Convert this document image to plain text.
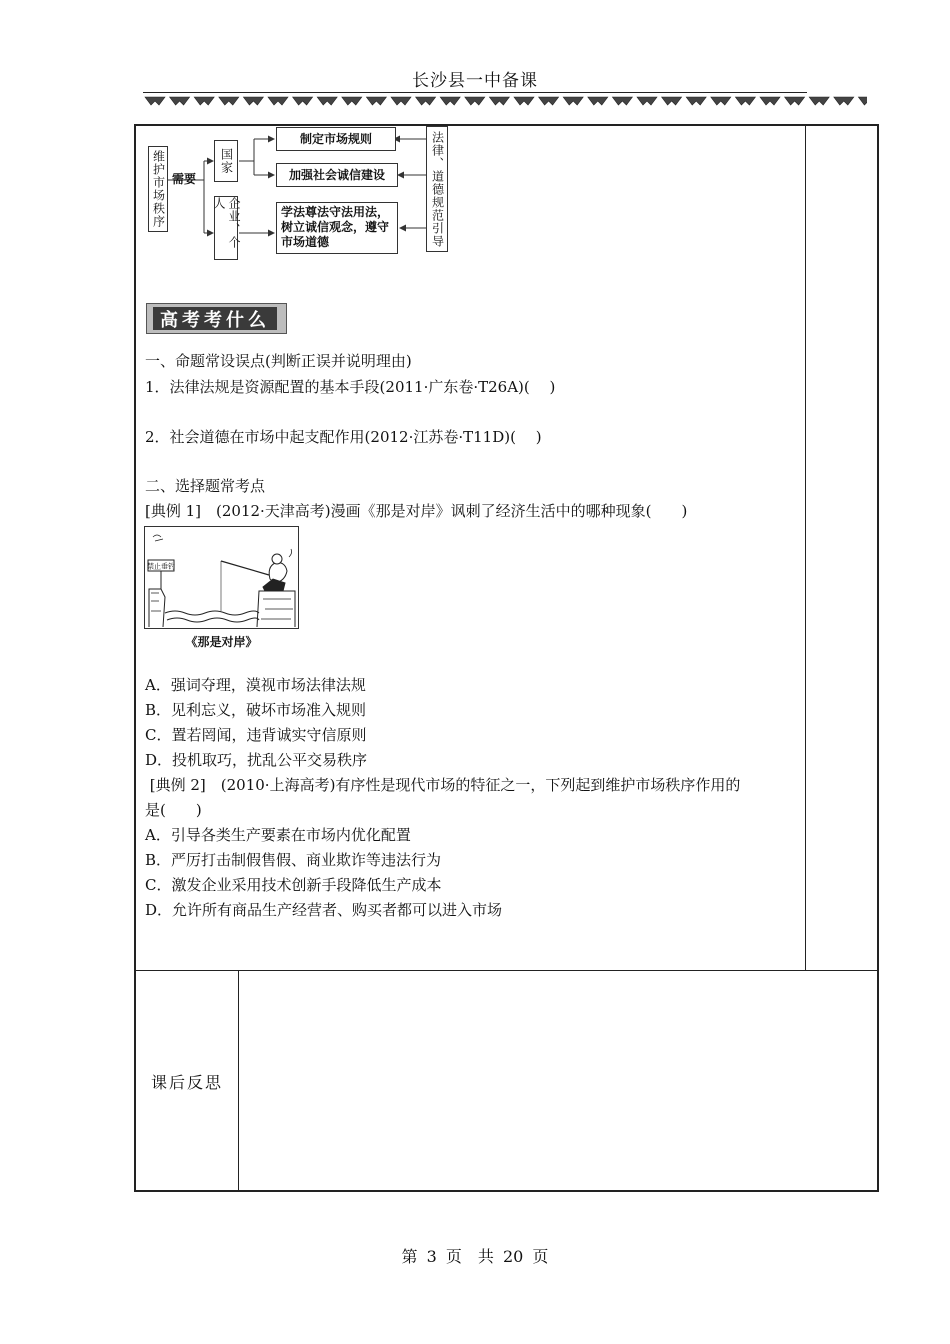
长沙县一中备课
维护市场秩序 需要
国家
企业、个人
制定市场规则
加强社会诚信建设
学法尊法守法用法，树立诚信观念，遵守市场道德	法律、道德规范引导
高考考什么
一、命题常设误点(判断正误并说明理由)
1．法律法规是资源配置的基本手段(2011·广东卷·T26A)(　 )
2．社会道德在市场中起支配作用(2012·江苏卷·T11D)(　 )
二、选择题常考点
[典例 1]　(2012·天津高考)漫画《那是对岸》讽刺了经济生活中的哪种现象(　　)
禁止垂钓
《那是对岸》
A．强词夺理，漠视市场法律法规
B．见利忘义，破坏市场准入规则
C．置若罔闻，违背诚实守信原则
D．投机取巧，扰乱公平交易秩序
[典例 2]　(2010·上海高考)有序性是现代市场的特征之一，下列起到维护市场秩序作用的
是(　　)
A．引导各类生产要素在市场内优化配置
B．严厉打击制假售假、商业欺诈等违法行为
C．激发企业采用技术创新手段降低生产成本
D．允许所有商品生产经营者、购买者都可以进入市场
课后反思
第 3 页　共 20 页
